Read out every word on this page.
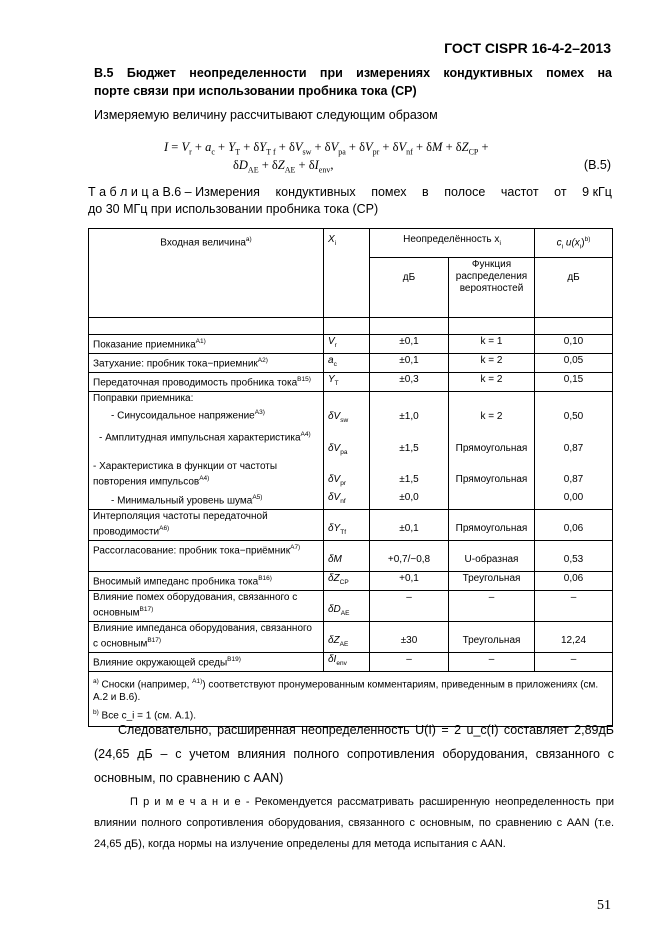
ГОСТ CISPR 16-4-2–2013
В.5 Бюджет неопределенности при измерениях кондуктивных помех на
порте связи при использовании пробника тока (СР)
Измеряемую величину рассчитывают следующим образом
$I = V_r + a_c + Y_T + \delta Y_{T f} + \delta V_{sw} + \delta V_{pa} + \delta V_{pr} + \delta V_{nf} + \delta M + \delta Z_{CP}$ +
$\delta D_{AE} + \delta Z_{AE} + \delta I_{env}$,	(В.5)
Т а б л и ц а В.6 – Измерения кондуктивных помех в полосе частот от 9 кГц
до 30 МГц при использовании пробника тока (СР)
Входная величина$^{a)}$	$X_i$	Неопределённость $x_i$		$c_i$ $u(x_i)^{b)}$
		дБ	Функция распределения вероятностей	дБ

Показание приемника$^{A1)}$	$V_r$	±0,1	k = 1	0,10
Затухание: пробник тока−приемник$^{A2)}$	$a_c$	±0,1	k = 2	0,05
Передаточная проводимость пробника тока$^{B15)}$	$Y_T$	±0,3	k = 2	0,15
Поправки приемника:				
- Синусоидальное напряжение$^{A3)}$	$\delta V_{sw}$	±1,0	k = 2	0,50
- Амплитудная импульсная характеристика$^{A4)}$	$\delta V_{pa}$	±1,5	Прямоугольная	0,87
- Характеристика в функции от частоты повторения импульсов$^{A4)}$	$\delta V_{pr}$	±1,5	Прямоугольная	0,87
- Минимальный уровень шума$^{A5)}$	$\delta V_{nf}$	±0,0		0,00
Интерполяция частоты передаточной проводимости$^{A6)}$	$\delta Y_{Tf}$	±0,1	Прямоугольная	0,06
Рассогласование: пробник тока−приёмник$^{A7)}$	δM	+0,7/−0,8	U-образная	0,53
Вносимый импеданс пробника тока$^{B16)}$	$\delta Z_{CP}$	+0,1	Треугольная	0,06
Влияние помех оборудования, связанного с основным$^{B17)}$	$\delta D_{AE}$	–	–	–
Влияние импеданса оборудования, связанного с основным$^{B17)}$	$\delta Z_{AE}$	±30	Треугольная	12,24
Влияние окружающей среды$^{B19)}$	$\delta I_{env}$	–	–	–

$^{a)}$ Сноски (например, $^{A1)}$) соответствуют пронумерованным комментариям, приведенным в приложениях (см. А.2 и В.6).
$^{b)}$ Все c_i = 1 (см. А.1).				
Следовательно, расширенная неопределенность U(I) = 2 u_c(I) составляет 2,89дБ (24,65 дБ – с учетом влияния полного сопротивления оборудования, связанного с основным, по сравнению с AAN)
П р и м е ч а н и е - Рекомендуется рассматривать расширенную неопределенность при влиянии полного сопротивления оборудования, связанного с основным, по сравнению с AAN (т.е. 24,65 дБ), когда нормы на излучение определены для метода испытания с AAN.
51
